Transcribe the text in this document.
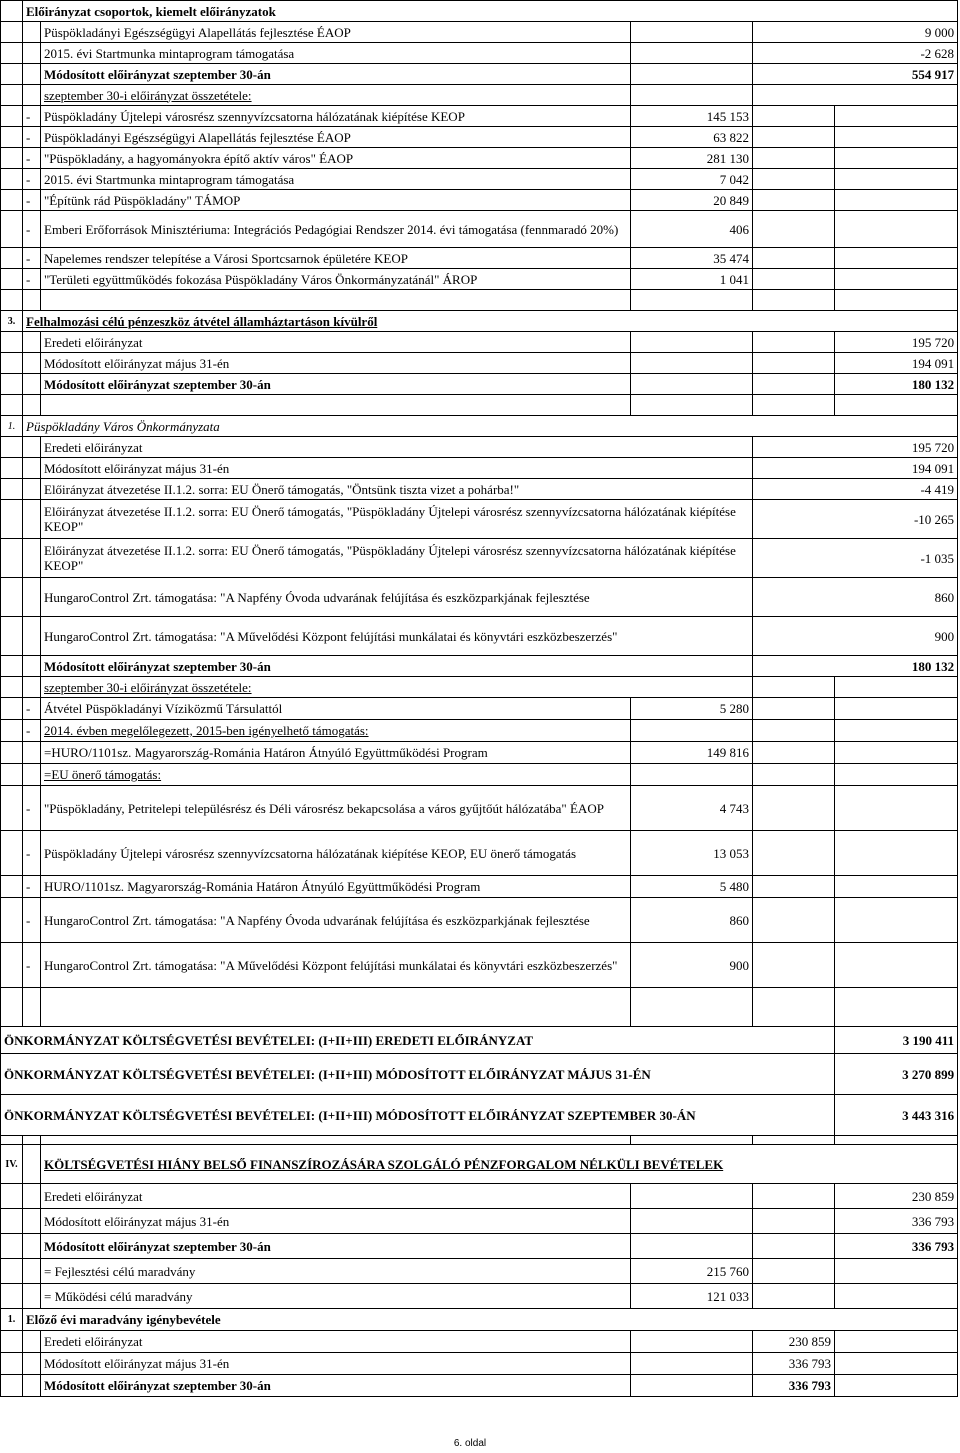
	Előirányzat csoportok, kiemelt előirányzatok				
		Püspökladányi Egészségügyi Alapellátás fejlesztése ÉAOP		9 000	
		2015. évi Startmunka mintaprogram támogatása		-2 628	
		Módosított előirányzat szeptember 30-án		554 917	
		szeptember 30-i előirányzat összetétele:			
	-	Püspökladány Újtelepi városrész szennyvízcsatorna hálózatának kiépítése KEOP	145 153		
	-	Püspökladányi Egészségügyi Alapellátás fejlesztése ÉAOP	63 822		
	-	"Püspökladány, a hagyományokra építő aktív város" ÉAOP	281 130		
	-	2015. évi Startmunka mintaprogram támogatása	7 042		
	-	"Építünk rád Püspökladány" TÁMOP	20 849		
	-	Emberi Erőforrások Minisztériuma: Integrációs Pedagógiai Rendszer 2014. évi támogatása (fennmaradó 20%)	406		
	-	Napelemes rendszer telepítése a Városi Sportcsarnok épületére KEOP	35 474		
	-	"Területi együttműködés fokozása Püspökladány Város Önkormányzatánál" ÁROP	1 041		

3.	Felhalmozási célú pénzeszköz átvétel államháztartáson kívülről				
		Eredeti előirányzat			195 720
		Módosított előirányzat május 31-én			194 091
		Módosított előirányzat szeptember 30-án			180 132

1.	Püspökladány Város Önkormányzata				
		Eredeti előirányzat		195 720	
		Módosított előirányzat május 31-én		194 091	
		Előirányzat átvezetése II.1.2. sorra: EU Önerő támogatás, "Öntsünk tiszta vizet a pohárba!"		-4 419	
		Előirányzat átvezetése II.1.2. sorra: EU Önerő támogatás, "Püspökladány Újtelepi városrész szennyvízcsatorna hálózatának kiépítése KEOP"		-10 265	
		Előirányzat átvezetése II.1.2. sorra: EU Önerő támogatás, "Püspökladány Újtelepi városrész szennyvízcsatorna hálózatának kiépítése KEOP"		-1 035	
		HungaroControl Zrt. támogatása: "A Napfény Óvoda udvarának felújítása és eszközparkjának fejlesztése		860	
		HungaroControl Zrt. támogatása: "A Művelődési Központ felújítási munkálatai és könyvtári eszközbeszerzés"		900	
		Módosított előirányzat szeptember 30-án		180 132	
		szeptember 30-i előirányzat összetétele:			
	-	Átvétel Püspökladányi Víziközmű Társulattól	5 280		
	-	2014. évben megelőlegezett, 2015-ben igényelhető támogatás:			
		=HURO/1101sz. Magyarország-Románia Határon Átnyúló Együttműködési Program	149 816		
		=EU önerő támogatás:			
	-	"Püspökladány, Petritelepi településrész és Déli városrész bekapcsolása a város gyűjtőút hálózatába" ÉAOP	4 743		
	-	Püspökladány Újtelepi városrész szennyvízcsatorna hálózatának kiépítése KEOP, EU önerő támogatás	13 053		
	-	HURO/1101sz. Magyarország-Románia Határon Átnyúló Együttműködési Program	5 480		
	-	HungaroControl Zrt. támogatása: "A Napfény Óvoda udvarának felújítása és eszközparkjának fejlesztése	860		
	-	HungaroControl Zrt. támogatása: "A Művelődési Központ felújítási munkálatai és könyvtári eszközbeszerzés"	900		

ÖNKORMÁNYZAT KÖLTSÉGVETÉSI BEVÉTELEI: (I+II+III) EREDETI ELŐIRÁNYZAT					3 190 411
ÖNKORMÁNYZAT KÖLTSÉGVETÉSI BEVÉTELEI: (I+II+III) MÓDOSÍTOTT ELŐIRÁNYZAT MÁJUS 31-ÉN					3 270 899
ÖNKORMÁNYZAT KÖLTSÉGVETÉSI BEVÉTELEI: (I+II+III) MÓDOSÍTOTT ELŐIRÁNYZAT SZEPTEMBER 30-ÁN					3 443 316

IV.		KÖLTSÉGVETÉSI HIÁNY BELSŐ FINANSZÍROZÁSÁRA SZOLGÁLÓ PÉNZFORGALOM NÉLKÜLI BEVÉTELEK			
		Eredeti előirányzat			230 859
		Módosított előirányzat május 31-én			336 793
		Módosított előirányzat szeptember 30-án			336 793
		= Fejlesztési célú maradvány	215 760		
		= Működési célú maradvány	121 033		
1.	Előző évi maradvány igénybevétele				
		Eredeti előirányzat		230 859	
		Módosított előirányzat május 31-én		336 793	
		Módosított előirányzat szeptember 30-án		336 793	
6. oldal
